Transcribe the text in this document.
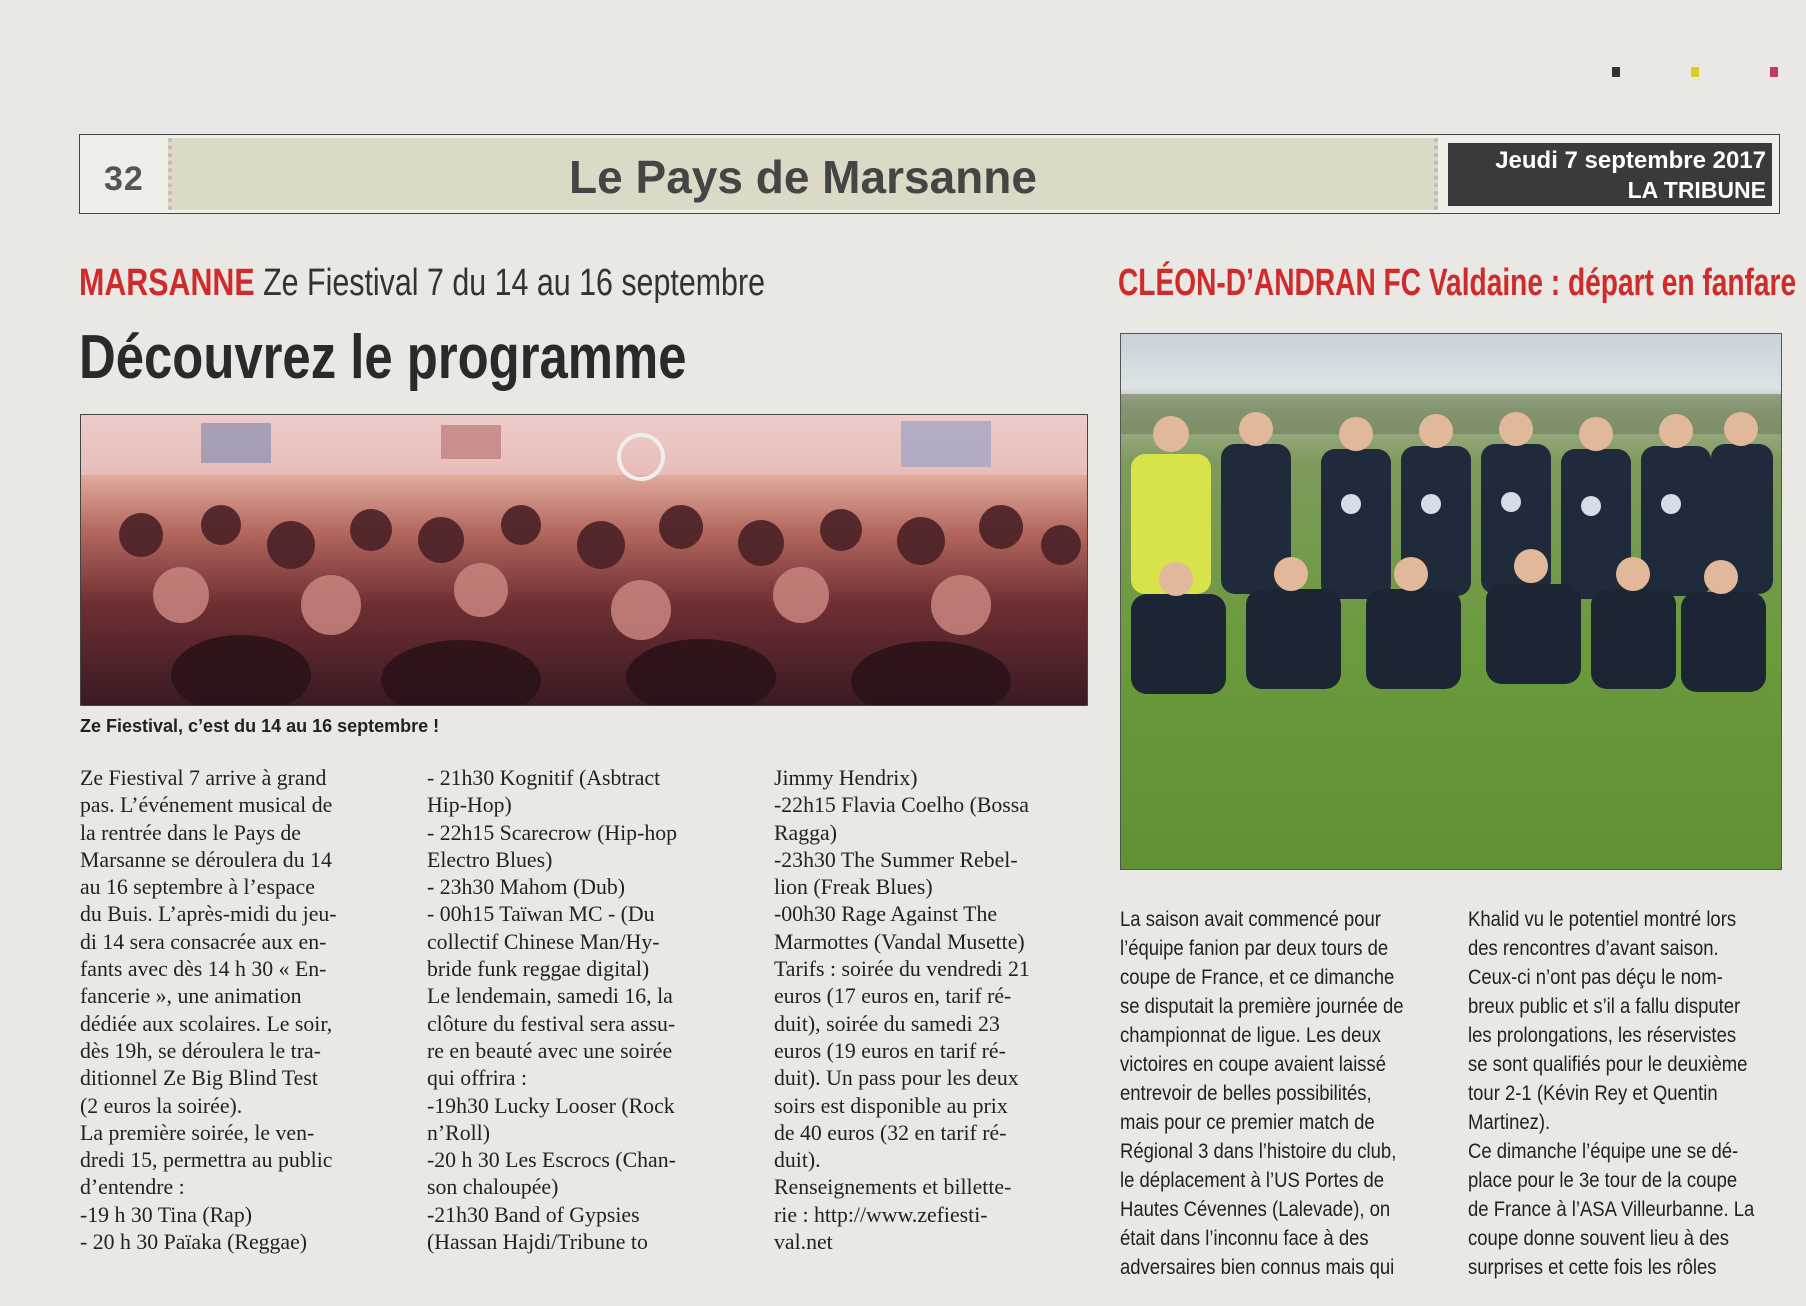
32	Le Pays de Marsanne	Jeudi 7 septembre 2017
LA TRIBUNE
MARSANNE Ze Fiestival 7 du 14 au 16 septembre
Découvrez le programme
Ze Fiestival, c’est du 14 au 16 septembre !
Ze Fiestival 7 arrive à grand
pas. L’événement musical de
la rentrée dans le Pays de
Marsanne se déroulera du 14
au 16 septembre à l’espace
du Buis. L’après-midi du jeu-
di 14 sera consacrée aux en-
fants avec dès 14 h 30 « En-
fancerie », une animation
dédiée aux scolaires. Le soir,
dès 19h, se déroulera le tra-
ditionnel Ze Big Blind Test
(2 euros la soirée).
La première soirée, le ven-
dredi 15, permettra au public
d’entendre :
-19 h 30 Tina (Rap)
- 20 h 30 Païaka (Reggae)
- 21h30 Kognitif (Asbtract
Hip-Hop)
- 22h15 Scarecrow (Hip-hop
Electro Blues)
- 23h30 Mahom (Dub)
- 00h15 Taïwan MC - (Du
collectif Chinese Man/Hy-
bride funk reggae digital)
Le lendemain, samedi 16, la
clôture du festival sera assu-
re en beauté avec une soirée
qui offrira :
-19h30 Lucky Looser (Rock
n’Roll)
-20 h 30 Les Escrocs (Chan-
son chaloupée)
-21h30 Band of Gypsies
(Hassan Hajdi/Tribune to
Jimmy Hendrix)
-22h15 Flavia Coelho (Bossa
Ragga)
-23h30 The Summer Rebel-
lion (Freak Blues)
-00h30 Rage Against The
Marmottes (Vandal Musette)
Tarifs : soirée du vendredi 21
euros (17 euros en, tarif ré-
duit), soirée du samedi 23
euros (19 euros en tarif ré-
duit). Un pass pour les deux
soirs est disponible au prix
de 40 euros (32 en tarif ré-
duit).
Renseignements et billette-
rie : http://www.zefiesti-
val.net
CLÉON-D’ANDRAN FC Valdaine : départ en fanfare
La saison avait commencé pour
l’équipe fanion par deux tours de
coupe de France, et ce dimanche
se disputait la première journée de
championnat de ligue. Les deux
victoires en coupe avaient laissé
entrevoir de belles possibilités,
mais pour ce premier match de
Régional 3 dans l’histoire du club,
le déplacement à l’US Portes de
Hautes Cévennes (Lalevade), on
était dans l’inconnu face à des
adversaires bien connus mais qui
Khalid vu le potentiel montré lors
des rencontres d’avant saison.
Ceux-ci n’ont pas déçu le nom-
breux public et s’il a fallu disputer
les prolongations, les réservistes
se sont qualifiés pour le deuxième
tour 2-1 (Kévin Rey et Quentin
Martinez).
Ce dimanche l’équipe une se dé-
place pour le 3e tour de la coupe
de France à l’ASA Villeurbanne. La
coupe donne souvent lieu à des
surprises et cette fois les rôles
